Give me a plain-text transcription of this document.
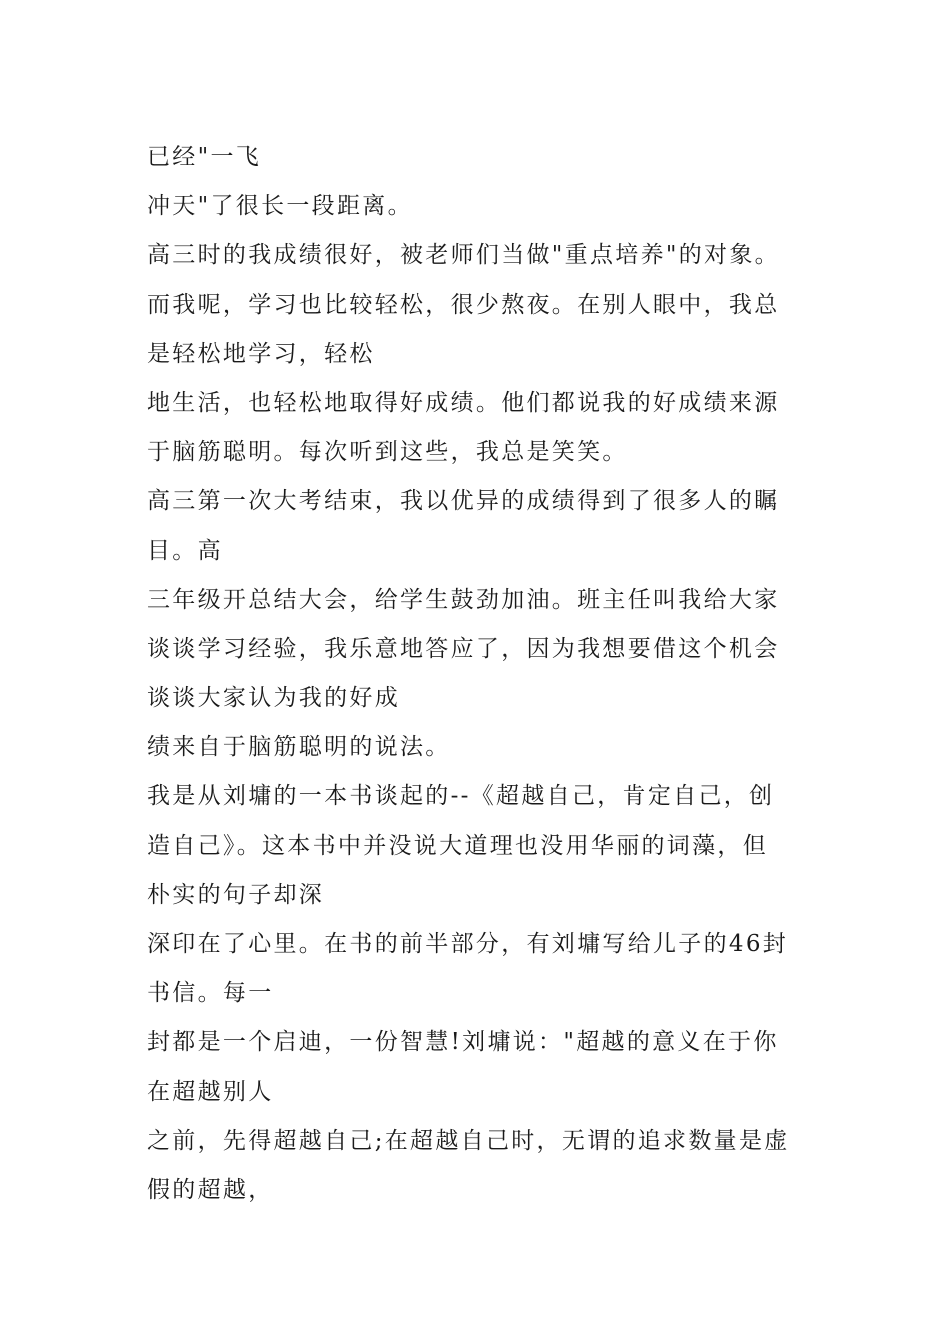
已经"一飞
冲天"了很长一段距离。
高三时的我成绩很好，被老师们当做"重点培养"的对象。
而我呢，学习也比较轻松，很少熬夜。在别人眼中，我总
是轻松地学习，轻松
地生活，也轻松地取得好成绩。他们都说我的好成绩来源
于脑筋聪明。每次听到这些，我总是笑笑。
高三第一次大考结束，我以优异的成绩得到了很多人的瞩
目。高
三年级开总结大会，给学生鼓劲加油。班主任叫我给大家
谈谈学习经验，我乐意地答应了，因为我想要借这个机会
谈谈大家认为我的好成
绩来自于脑筋聪明的说法。
我是从刘墉的一本书谈起的--《超越自己，肯定自己，创
造自己》。这本书中并没说大道理也没用华丽的词藻，但
朴实的句子却深
深印在了心里。在书的前半部分，有刘墉写给儿子的46封
书信。每一
封都是一个启迪，一份智慧!刘墉说："超越的意义在于你
在超越别人
之前，先得超越自己;在超越自己时，无谓的追求数量是虚
假的超越，
